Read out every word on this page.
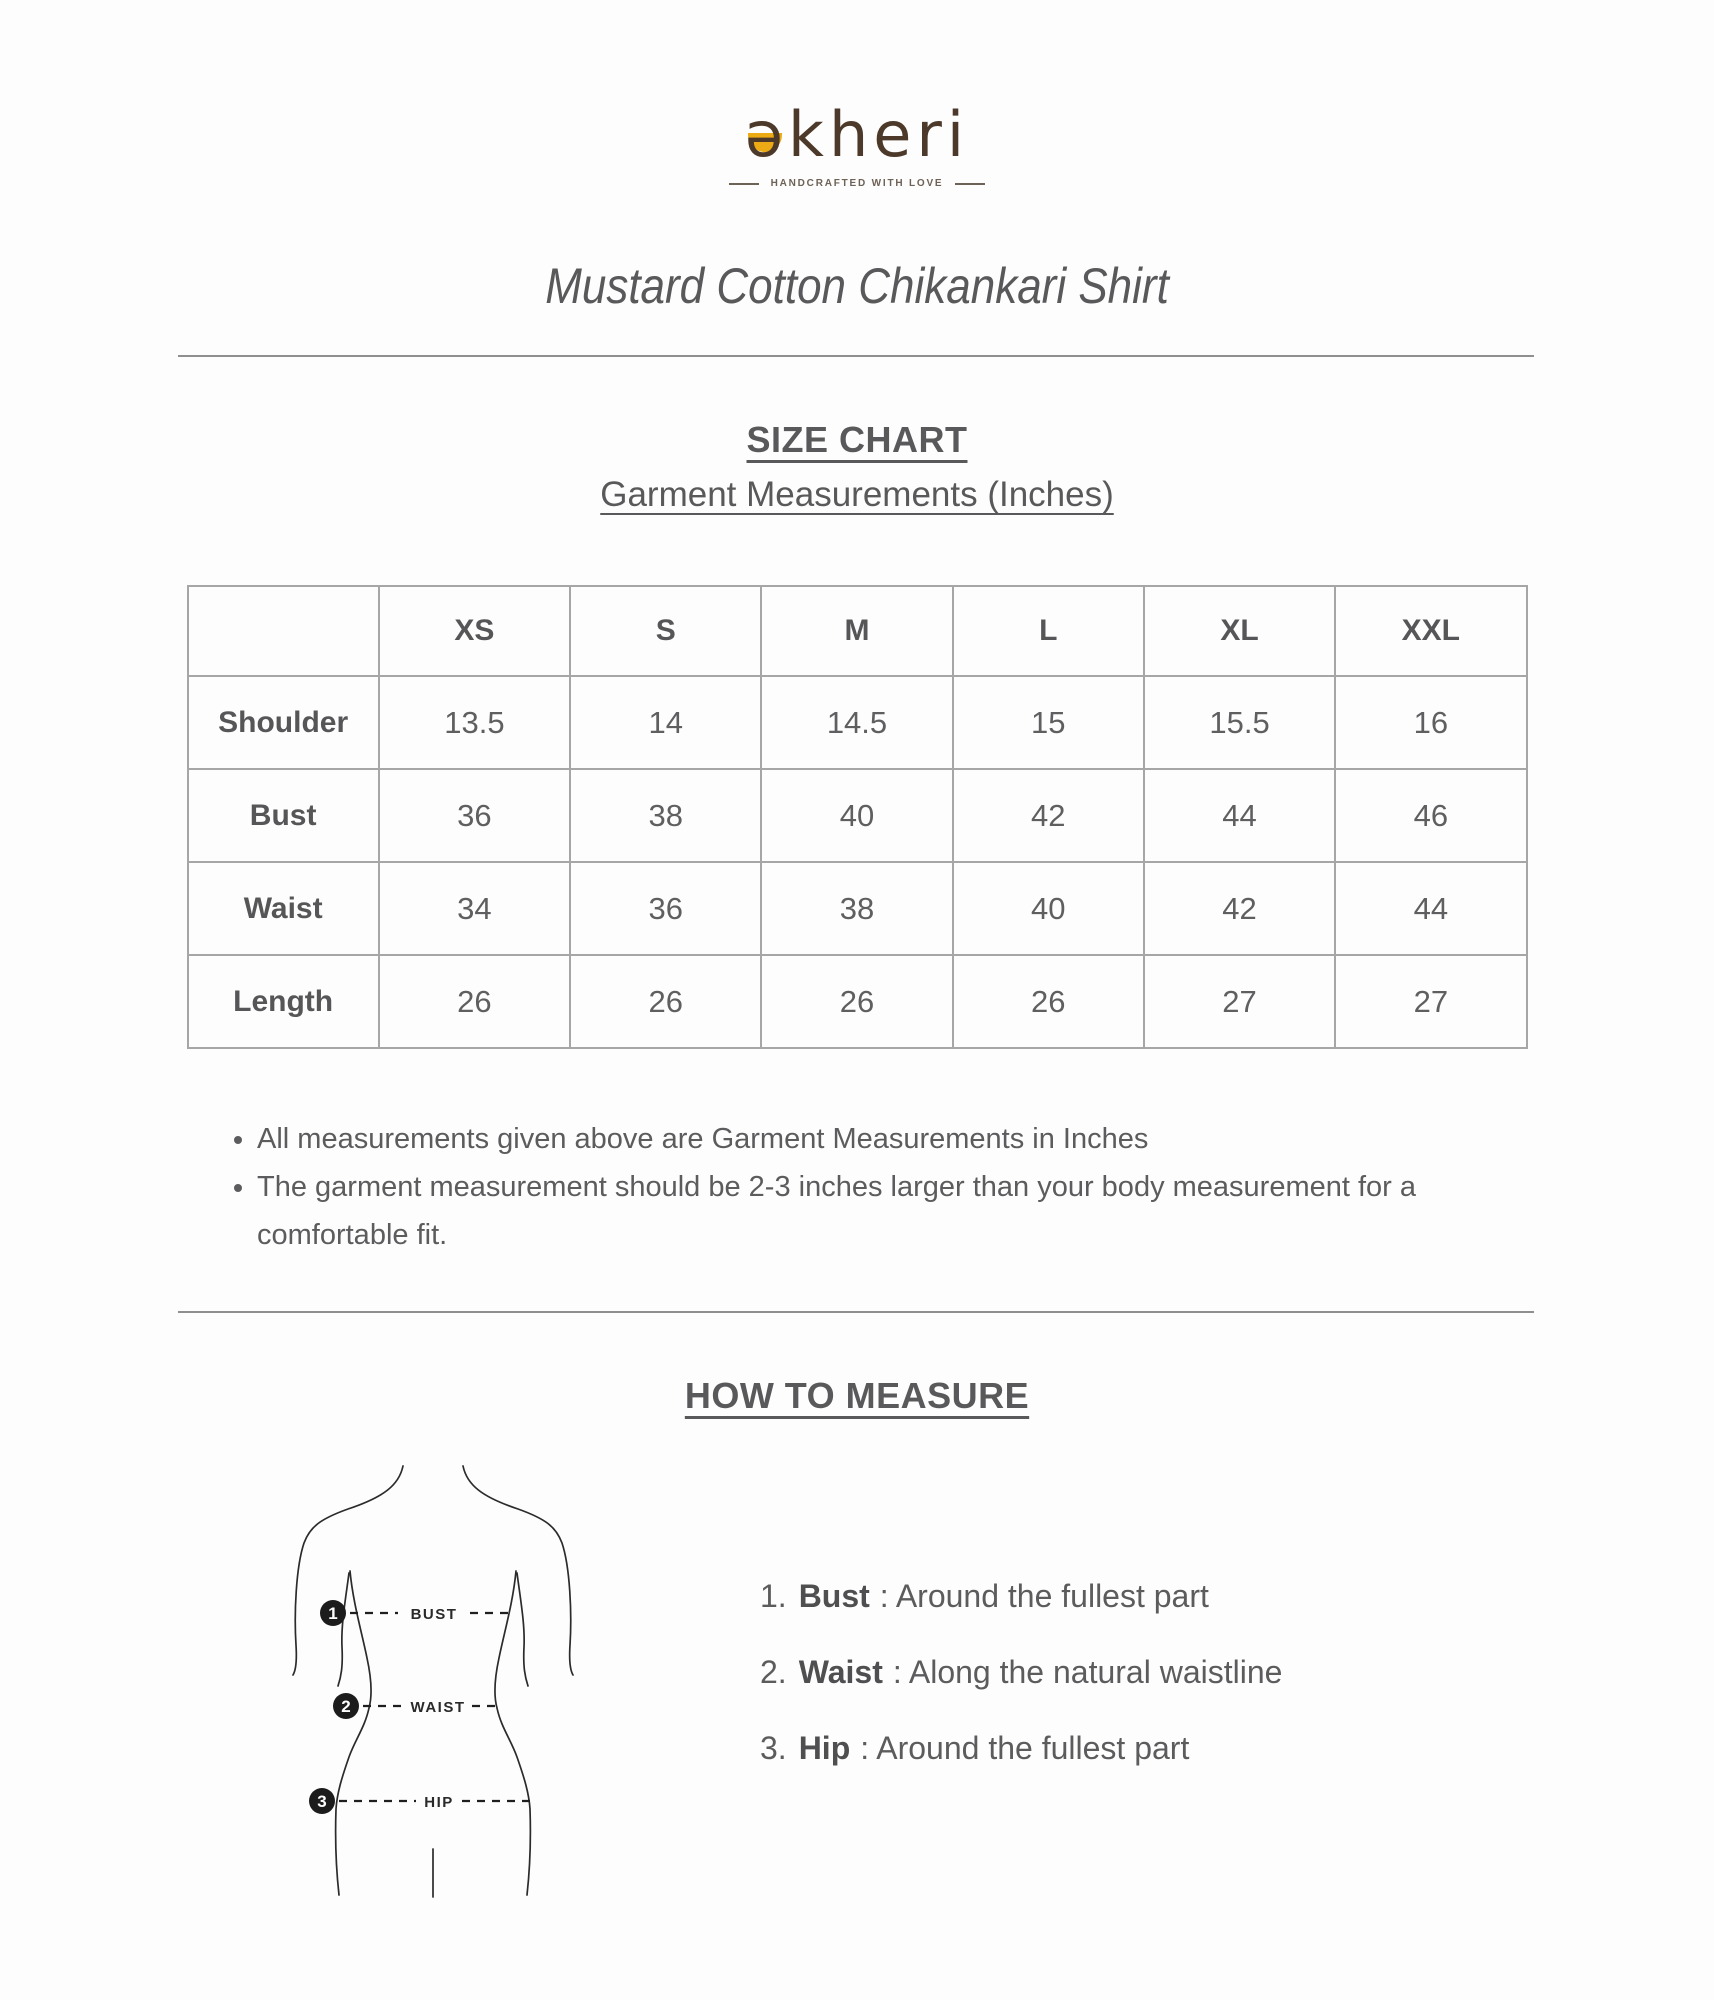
əkheri
HANDCRAFTED WITH LOVE
Mustard Cotton Chikankari Shirt
SIZE CHART
Garment Measurements (Inches)
	XS	S	M	L	XL	XXL
Shoulder	13.5	14	14.5	15	15.5	16
Bust	36	38	40	42	44	46
Waist	34	36	38	40	42	44
Length	26	26	26	26	27	27
• All measurements given above are Garment Measurements in Inches
• The garment measurement should be 2-3 inches larger than your body measurement for a comfortable fit.
HOW TO MEASURE
1
2
3
BUST
WAIST
HIP
1. Bust : Around the fullest part
2. Waist : Along the natural waistline
3. Hip : Around the fullest part
